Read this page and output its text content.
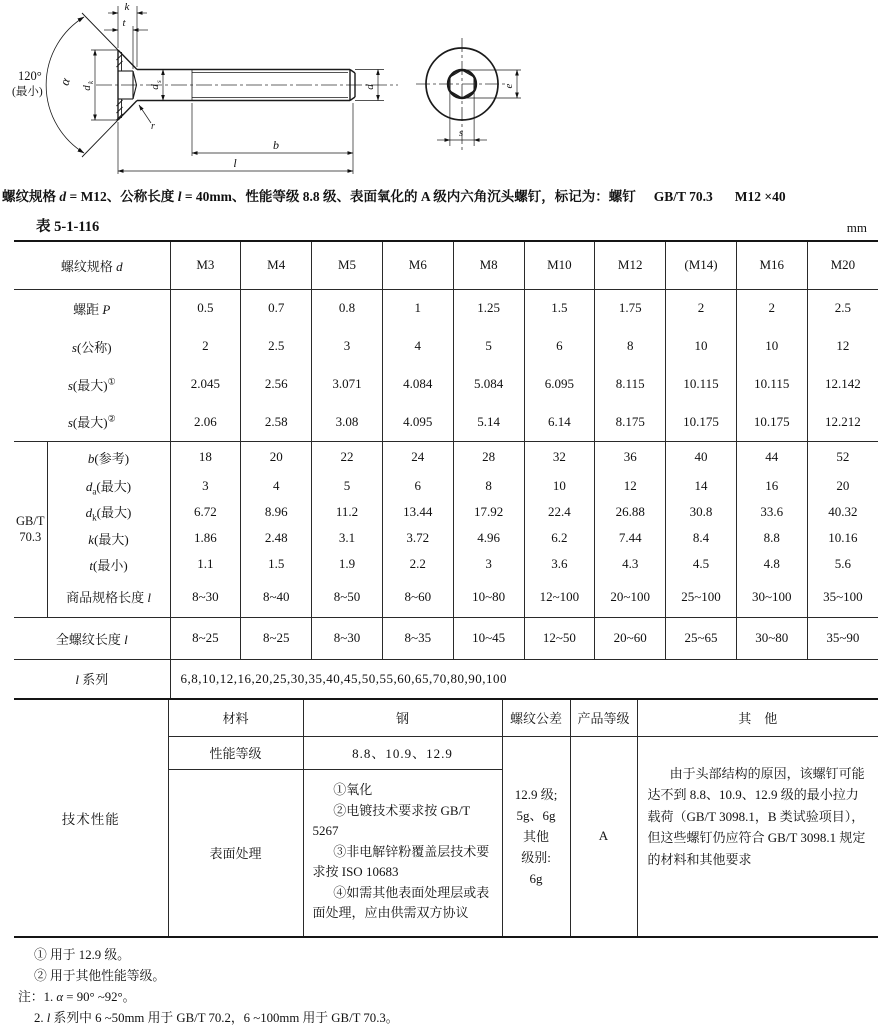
α
120°
(最小)
k
t
d
k
d
s
r
d
b
l
e
s
螺纹规格 d = M12、公称长度 l = 40mm、性能等级 8.8 级、表面氧化的 A 级内六角沉头螺钉，标记为：螺钉 GB/T 70.3 M12 ×40
表 5-1-116	mm
螺纹规格 d		M3	M4	M5	M6	M8	M10	M12	(M14)	M16	M20
螺距 P		0.5	0.7	0.8	1	1.25	1.5	1.75	2	2	2.5
s(公称)		2	2.5	3	4	5	6	8	10	10	12
s(最大)①		2.045	2.56	3.071	4.084	5.084	6.095	8.115	10.115	10.115	12.142
s(最大)②		2.06	2.58	3.08	4.095	5.14	6.14	8.175	10.175	10.175	12.212

GB/T
70.3	b(参考)	18	20	22	24	28	32	36	40	44	52
	$d_a$(最大)	3	4	5	6	8	10	12	14	16	20
	$d_k$(最大)	6.72	8.96	11.2	13.44	17.92	22.4	26.88	30.8	33.6	40.32
	k(最大)	1.86	2.48	3.1	3.72	4.96	6.2	7.44	8.4	8.8	10.16
	t(最小)	1.1	1.5	1.9	2.2	3	3.6	4.3	4.5	4.8	5.6
	商品规格长度 l	8~30	8~40	8~50	8~60	10~80	12~100	20~100	25~100	30~100	35~100
全螺纹长度 l		8~25	8~25	8~30	8~35	10~45	12~50	20~60	25~65	30~80	35~90
l 系列		6,8,10,12,16,20,25,30,35,40,45,50,55,60,65,70,80,90,100									
技术性能	材料	钢	螺纹公差	产品等级	其　他
	性能等级	8.8、10.9、12.9	12.9 级;
5g、6g
其他
级别:
6g	A	由于头部结构的原因，该螺钉可能达不到 8.8、10.9、12.9 级的最小拉力载荷（GB/T 3098.1，B 类试验项目），但这些螺钉仍应符合 GB/T 3098.1 规定的材料和其他要求
	表面处理	①氧化

②电镀技术要求按 GB/T 5267

③非电解锌粉覆盖层技术要求按 ISO 10683

④如需其他表面处理层或表面处理，应由供需双方协议			

① 用于 12.9 级。
② 用于其他性能等级。
注：1. α = 90° ~92°。
2. l 系列中 6 ~50mm 用于 GB/T 70.2，6 ~100mm 用于 GB/T 70.3。
